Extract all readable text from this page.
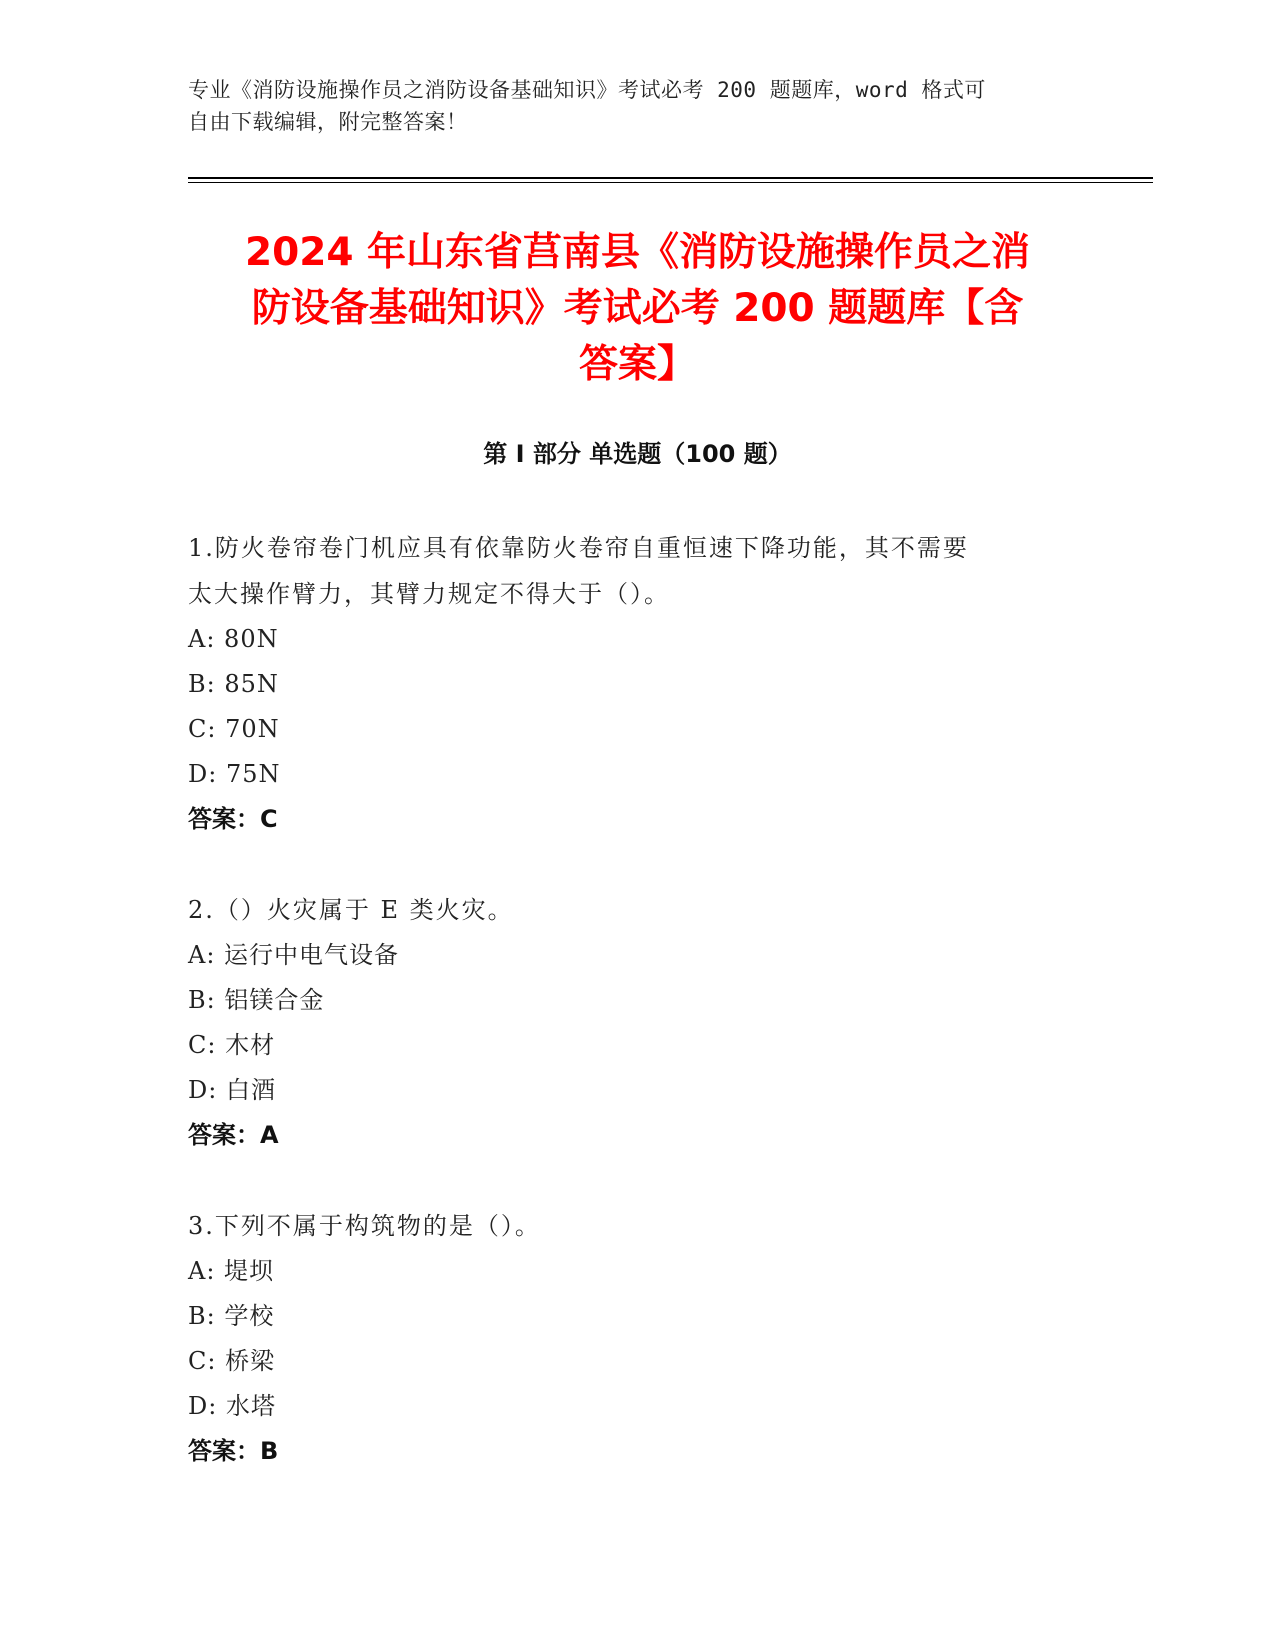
专业《消防设施操作员之消防设备基础知识》考试必考 200 题题库，word 格式可
自由下载编辑，附完整答案！
2024 年山东省莒南县《消防设施操作员之消
防设备基础知识》考试必考 200 题题库【含
答案】
第 I 部分 单选题（100 题）
1.防火卷帘卷门机应具有依靠防火卷帘自重恒速下降功能，其不需要
太大操作臂力，其臂力规定不得大于（）。
A: 80N
B: 85N
C: 70N
D: 75N
答案：C
2.（）火灾属于 E 类火灾。
A: 运行中电气设备
B: 铝镁合金
C: 木材
D: 白酒
答案：A
3.下列不属于构筑物的是（）。
A: 堤坝
B: 学校
C: 桥梁
D: 水塔
答案：B
